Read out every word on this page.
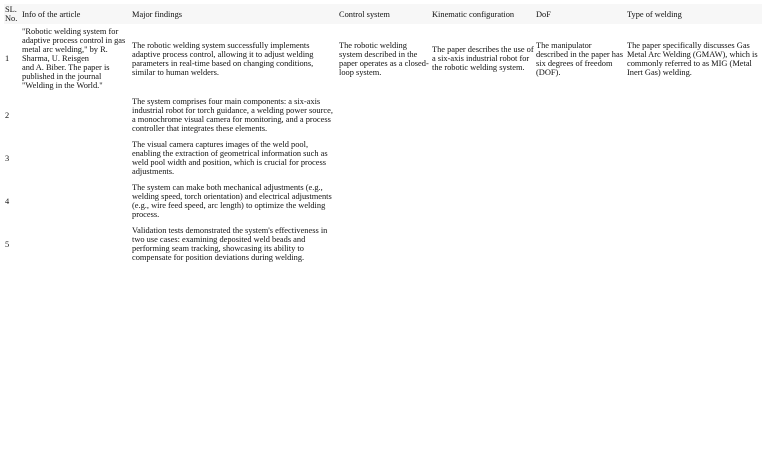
SL. No.	Info of the article	Major findings	Control system	Kinematic configuration	DoF	Type of welding
1	"Robotic welding system for adaptive process control in gas metal arc welding," by R. Sharma, U. Reisgen
and A. Biber. The paper is published in the journal "Welding in the World."	The robotic welding system successfully implements adaptive process control, allowing it to adjust welding parameters in real-time based on changing conditions, similar to human welders.	The robotic welding system described in the paper operates as a closed-loop system.	The paper describes the use of a six-axis industrial robot for the robotic welding system.	The manipulator described in the paper has six degrees of freedom (DOF).	The paper specifically discusses Gas Metal Arc Welding (GMAW), which is commonly referred to as MIG (Metal Inert Gas) welding.
2		The system comprises four main components: a six-axis industrial robot for torch guidance, a welding power source, a monochrome visual camera for monitoring, and a process controller that integrates these elements.				
3		The visual camera captures images of the weld pool, enabling the extraction of geometrical information such as weld pool width and position, which is crucial for process adjustments.				
4		The system can make both mechanical adjustments (e.g., welding speed, torch orientation) and electrical adjustments (e.g., wire feed speed, arc length) to optimize the welding process.				
5		Validation tests demonstrated the system's effectiveness in two use cases: examining deposited weld beads and performing seam tracking, showcasing its ability to compensate for position deviations during welding.				
